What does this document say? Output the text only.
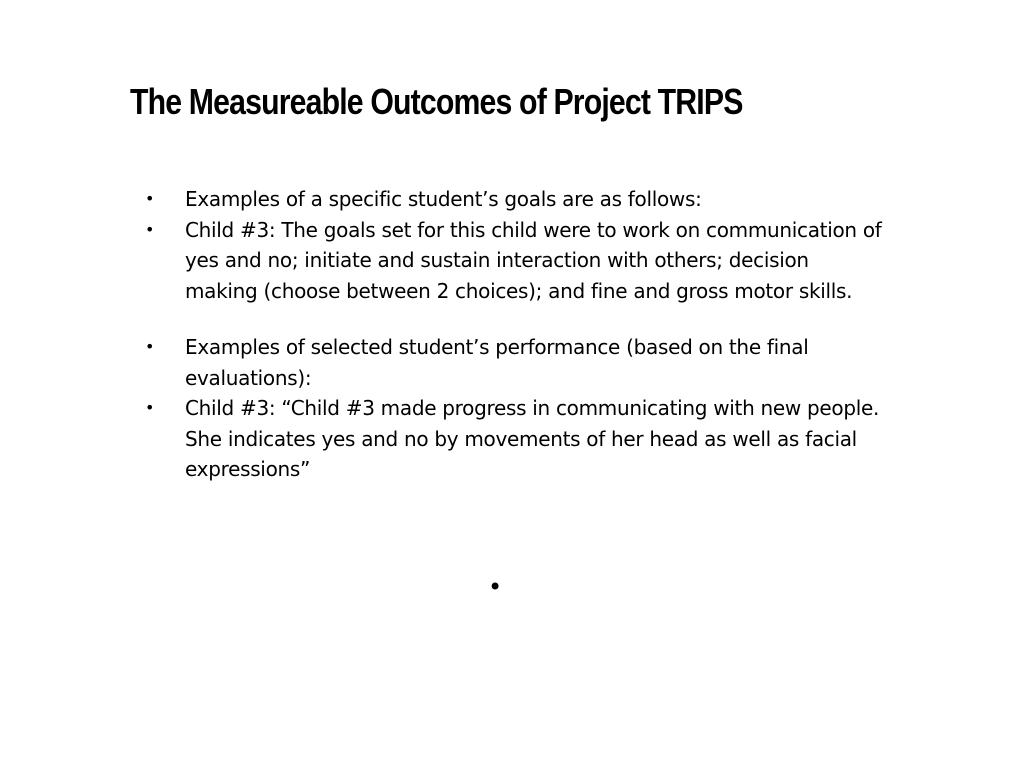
The Measureable Outcomes of Project TRIPS
• Examples of a specific student’s goals are as follows:
• Child #3: The goals set for this child were to work on communication of yes and no; initiate and sustain interaction with others; decision making (choose between 2 choices); and fine and gross motor skills.
• Examples of selected student’s performance (based on the final evaluations):
• Child #3: “Child #3 made progress in communicating with new people. She indicates yes and no by movements of her head as well as facial expressions”
•
